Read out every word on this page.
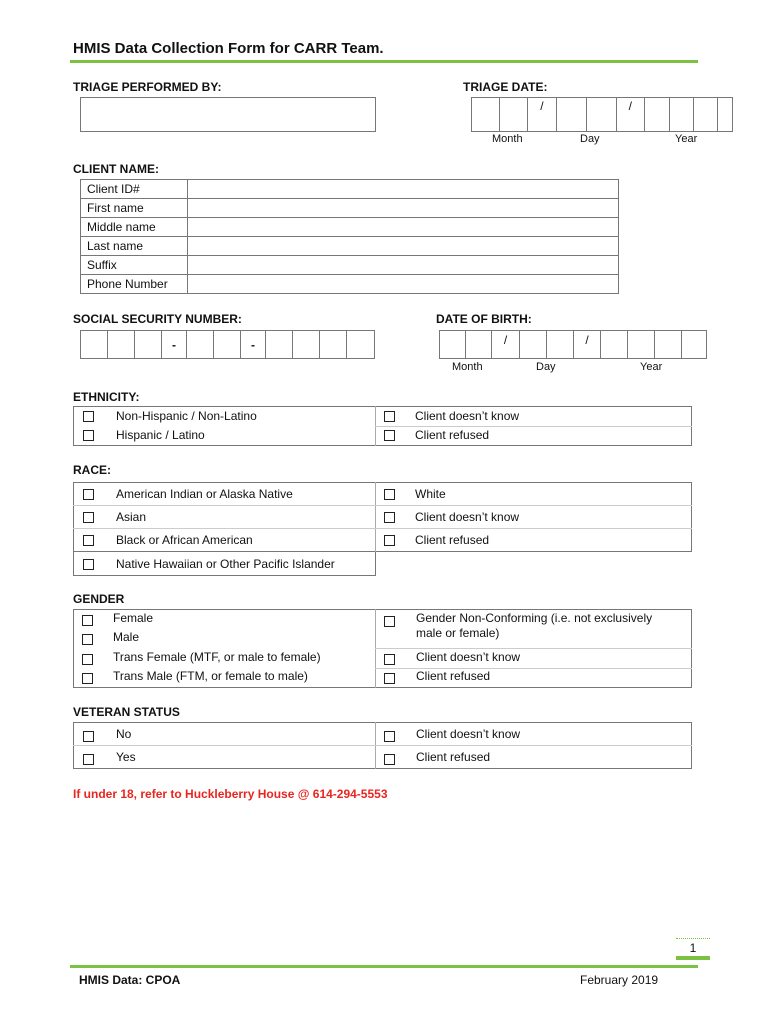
HMIS Data Collection Form for CARR Team.
TRIAGE PERFORMED BY:	TRIAGE DATE:
/	/
Month	Day	Year
CLIENT NAME:
Client ID#	
First name	
Middle name	
Last name	
Suffix	
Phone Number	
SOCIAL SECURITY NUMBER:
-	-
DATE OF BIRTH:
/	/
Month	Day	Year
ETHNICITY:
Non-Hispanic / Non-Latino
Hispanic / Latino
Client doesn’t know
Client refused
RACE:
American Indian or Alaska Native
Asian
Black or African American
Native Hawaiian or Other Pacific Islander
White
Client doesn’t know
Client refused
GENDER
Female
Male
Trans Female (MTF, or male to female)
Trans Male (FTM, or female to male)
Gender Non-Conforming (i.e. not exclusively male or female)
Client doesn’t know
Client refused
VETERAN STATUS
No
Yes
Client doesn’t know
Client refused
If under 18, refer to Huckleberry House @ 614-294-5553
1
HMIS Data: CPOA	February 2019
